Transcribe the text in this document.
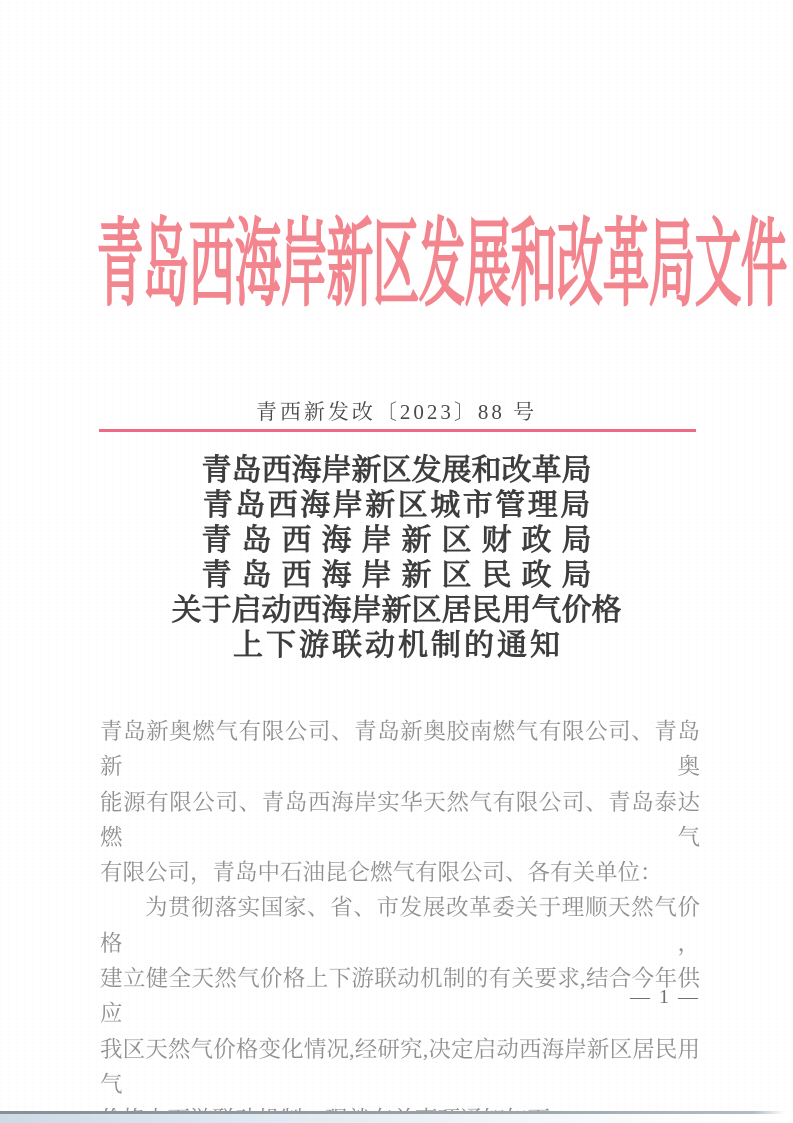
青 岛 西 海 岸 新 区 发 展 和 改 革 局 文 件
青西新发改〔2023〕88 号
青岛西海岸新区发展和改革局
青岛西海岸新区城市管理局
青岛西海岸新区财政局
青岛西海岸新区民政局
关于启动西海岸新区居民用气价格
上下游联动机制的通知
青岛新奥燃气有限公司、青岛新奥胶南燃气有限公司、青岛新奥
能源有限公司、青岛西海岸实华天然气有限公司、青岛泰达燃气
有限公司，青岛中石油昆仑燃气有限公司、各有关单位：
为贯彻落实国家、省、市发展改革委关于理顺天然气价格，
建立健全天然气价格上下游联动机制的有关要求,结合今年供应
我区天然气价格变化情况,经研究,决定启动西海岸新区居民用气
— 1 —
